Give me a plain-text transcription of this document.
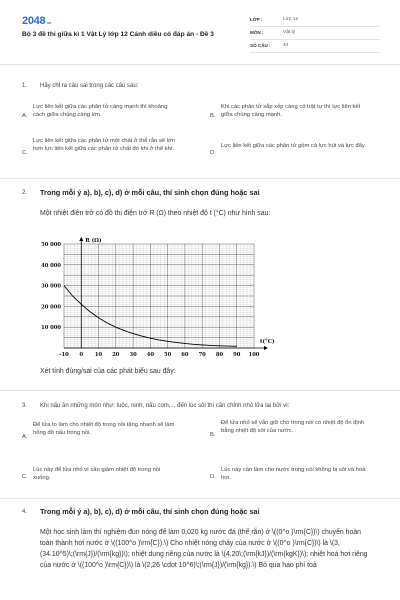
2048.vn
Bộ 3 đề thi giữa kì 1 Vật Lý lớp 12 Cánh diều có đáp án - Đề 3
LỚP :	Lớp 12
MÔN :	Vật lý
SỐ CÂU :	44
1. Hãy chỉ ra câu sai trong các câu sau:
A.
Lực liên kết giữa các phân tử càng mạnh thì khoảng cách giữa chúng càng lớn.	B.
Khi các phân tử sắp xếp càng có trật tự thì lực liên kết giữa chúng càng mạnh.
C.
Lực liên kết giữa các phân tử một chất ở thể rắn sẽ lớn hơn lực liên kết giữa các phân tử chất đó khi ở thể khí.
D.
Lực liên kết giữa các phân tử gồm cả lực hút và lực đẩy.
2. Trong mỗi ý a), b), c), d) ở mỗi câu, thí sinh chọn đúng hoặc sai
Một nhiệt điện trở có đồ thị điện trở R (Ω) theo nhiệt độ t (°C) như hình sau:
10 000
20 000
30 000
40 000
50 000
-10 0 10 20 30 40 50 60 70 80 90 100
R (Ω)
t(°C)
Xét tính đúng/sai của các phát biểu sau đây:
3. Khi nấu ăn những món như: luộc, ninh, nấu com,... đến lúc sôi thì cần chỉnh nhỏ lửa lại bởi vì:
A.
Để lửa to làm cho nhiệt độ trong nồi tăng nhanh sẽ làm hỏng đồ nấu trong nồi.	B.
Để lửa nhỏ sẽ vẫn giữ cho trong nồi có nhiệt độ ổn định bằng nhiệt độ sôi của nước.
C.
Lúc này để lửa nhỏ vì cần giảm nhiệt độ trong nồi xuống.	D.
Lúc này cần làm cho nước trong nồi không bị sôi và hoá hơi.
4. Trong mỗi ý a), b), c), d) ở mỗi câu, thí sinh chọn đúng hoặc sai
Một học sinh làm thí nghiệm đun nóng để làm 0,020 kg nước đá (thể rắn) ở \((0^o )\rm{C})\) chuyển hoàn toàn thành hơi nước ở \((100^o )\rm{C}).\) Cho nhiệt nóng chảy của nước ở \((0^o )\rm{C})\) là \(3,(34.10^5)\;(\rm{J})/(\rm{kg})\); nhiệt dung riêng của nước là \(4,20\;(\rm{kJ})/(\rm{kgK})\); nhiệt hoá hơi riêng của nước ở \((100^o )\rm{C})\) là \(2,26 \cdot 10^6)\;(\rm{J})/(\rm{kg}).\) Bỏ qua hao phí toả
